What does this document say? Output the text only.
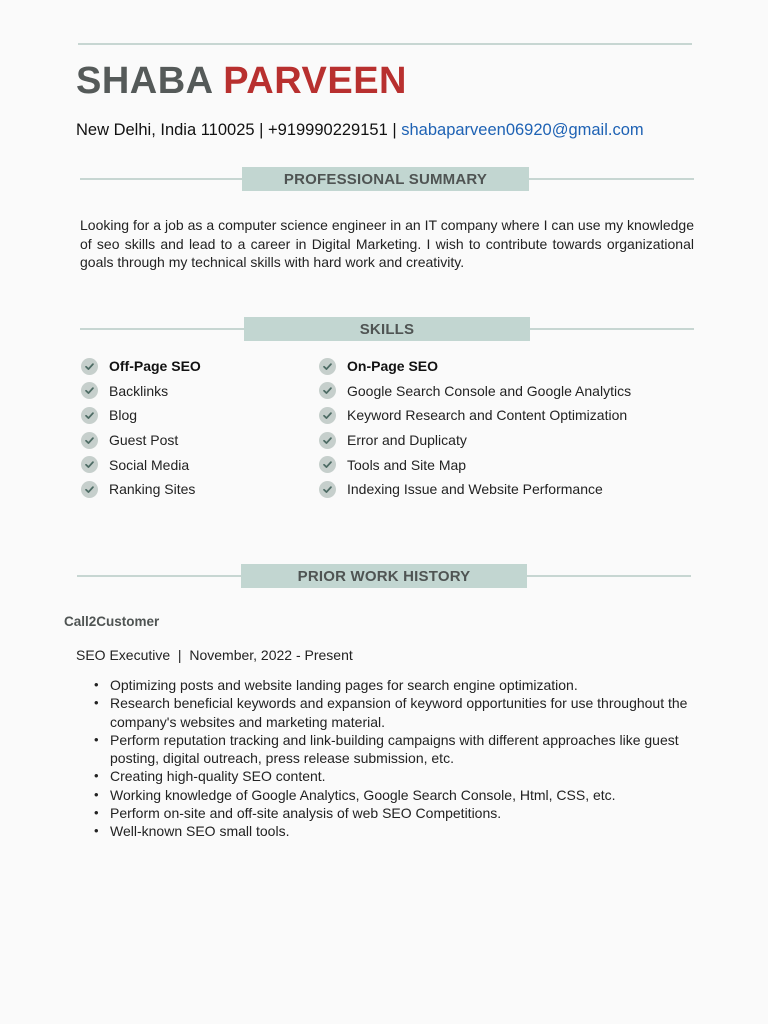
SHABA PARVEEN
New Delhi, India 110025 | +919990229151 | shabaparveen06920@gmail.com
PROFESSIONAL SUMMARY

Looking for a job as a computer science engineer in an IT company where I can use my knowledge of seo skills and lead to a career in Digital Marketing. I wish to contribute towards organizational goals through my technical skills with hard work and creativity.

SKILLS
Off-Page SEO
Backlinks
Blog
Guest Post
Social Media
Ranking Sites
On-Page SEO
Google Search Console and Google Analytics
Keyword Research and Content Optimization
Error and Duplicaty
Tools and Site Map
Indexing Issue and Website Performance
PRIOR WORK HISTORY
Call2Customer
SEO Executive  |  November, 2022 - Present
• Optimizing posts and website landing pages for search engine optimization.
• Research beneficial keywords and expansion of keyword opportunities for use throughout the company's websites and marketing material.
• Perform reputation tracking and link-building campaigns with different approaches like guest posting, digital outreach, press release submission, etc.
• Creating high-quality SEO content.
• Working knowledge of Google Analytics, Google Search Console, Html, CSS, etc.
• Perform on-site and off-site analysis of web SEO Competitions.
• Well-known SEO small tools.
